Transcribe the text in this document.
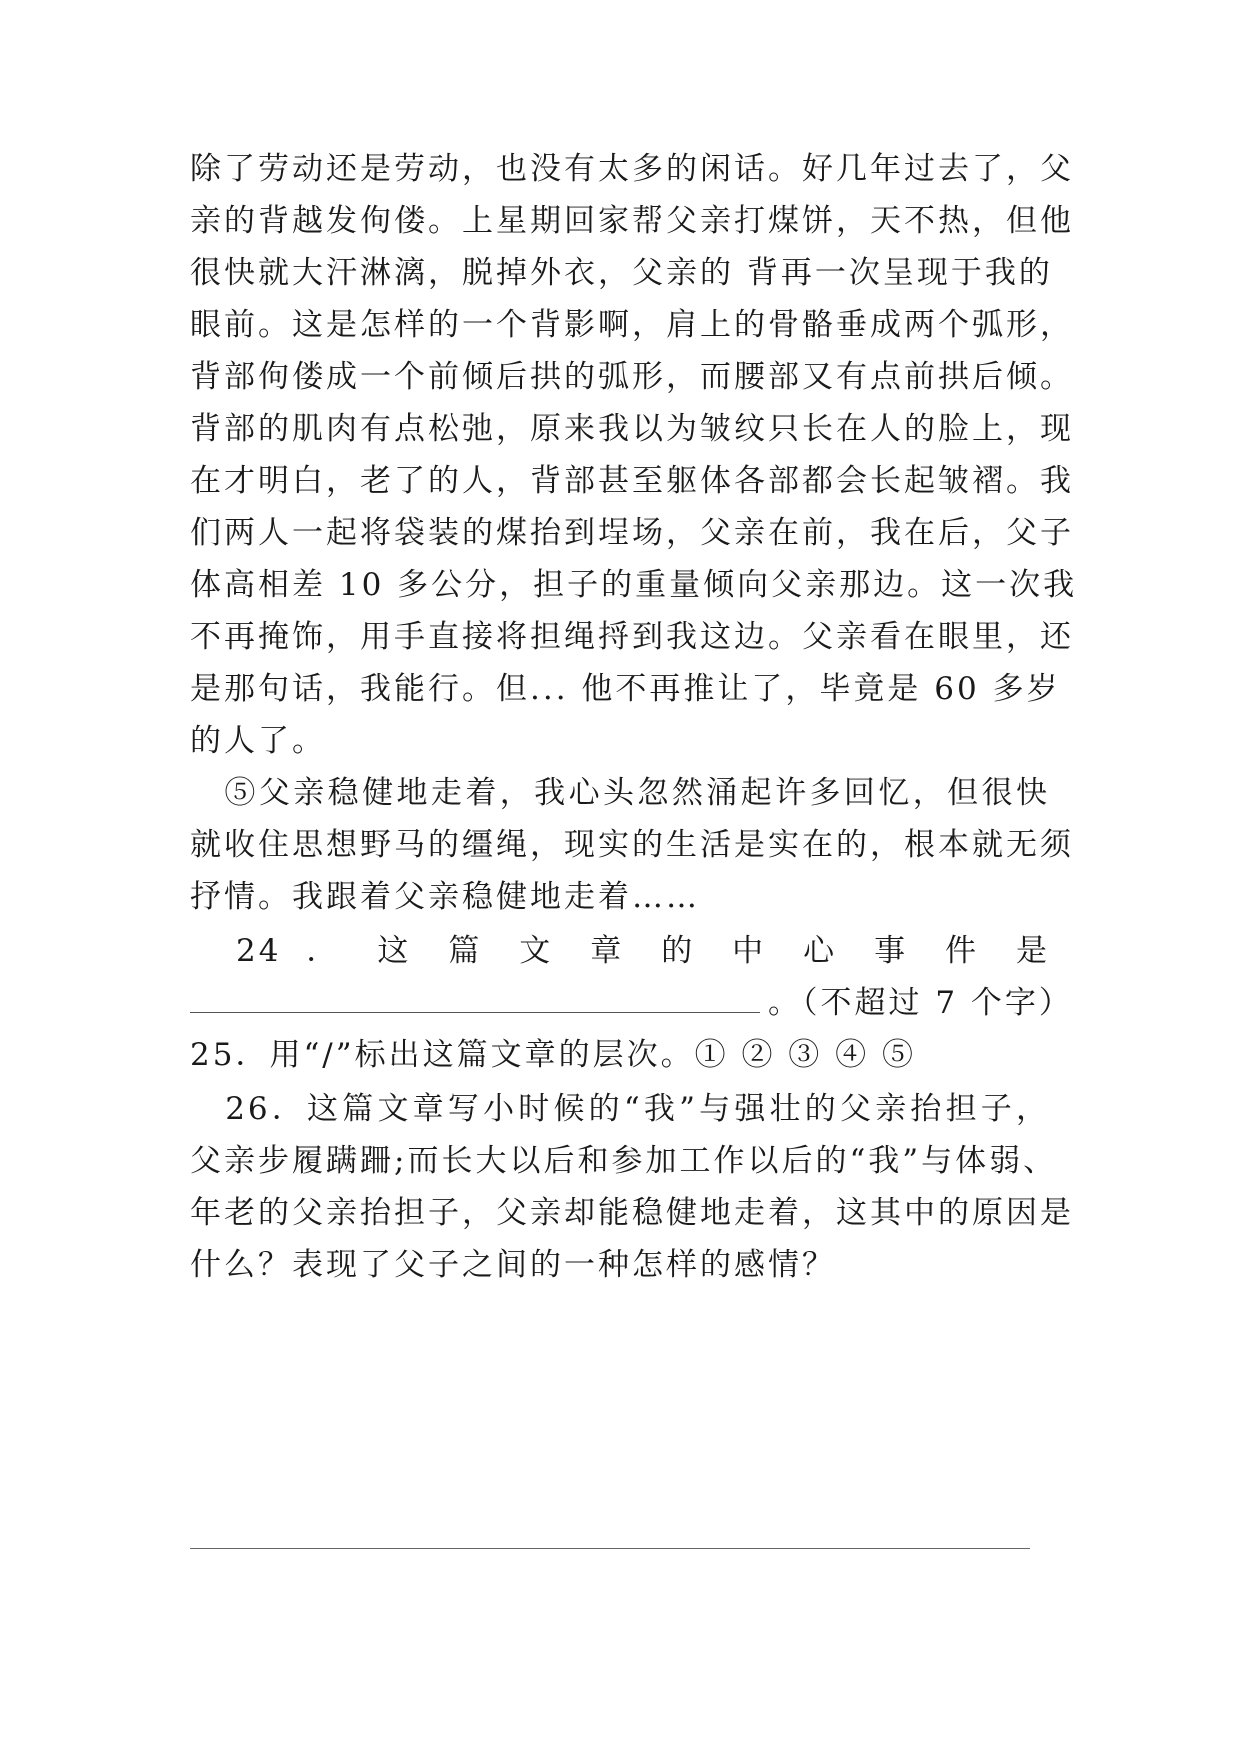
除了劳动还是劳动，也没有太多的闲话。好几年过去了，父
亲的背越发佝偻。上星期回家帮父亲打煤饼，天不热，但他
很快就大汗淋漓，脱掉外衣，父亲的 背再一次呈现于我的
眼前。这是怎样的一个背影啊，肩上的骨骼垂成两个弧形，
背部佝偻成一个前倾后拱的弧形，而腰部又有点前拱后倾。
背部的肌肉有点松弛，原来我以为皱纹只长在人的脸上，现
在才明白，老了的人，背部甚至躯体各部都会长起皱褶。我
们两人一起将袋装的煤抬到埕场，父亲在前，我在后，父子
体高相差 10 多公分，担子的重量倾向父亲那边。这一次我
不再掩饰，用手直接将担绳捋到我这边。父亲看在眼里，还
是那句话，我能行。但... 他不再推让了，毕竟是 60 多岁
的人了。
　⑤父亲稳健地走着，我心头忽然涌起许多回忆，但很快
就收住思想野马的缰绳，现实的生活是实在的，根本就无须
抒情。我跟着父亲稳健地走着……
　24 ． 这 篇 文 章 的 中 心 事 件 是
。（不超过 7 个字）
25．用“/”标出这篇文章的层次。① ② ③ ④ ⑤
　26．这篇文章写小时候的“我”与强壮的父亲抬担子，
父亲步履蹒跚;而长大以后和参加工作以后的“我”与体弱、
年老的父亲抬担子，父亲却能稳健地走着，这其中的原因是
什么？表现了父子之间的一种怎样的感情？
